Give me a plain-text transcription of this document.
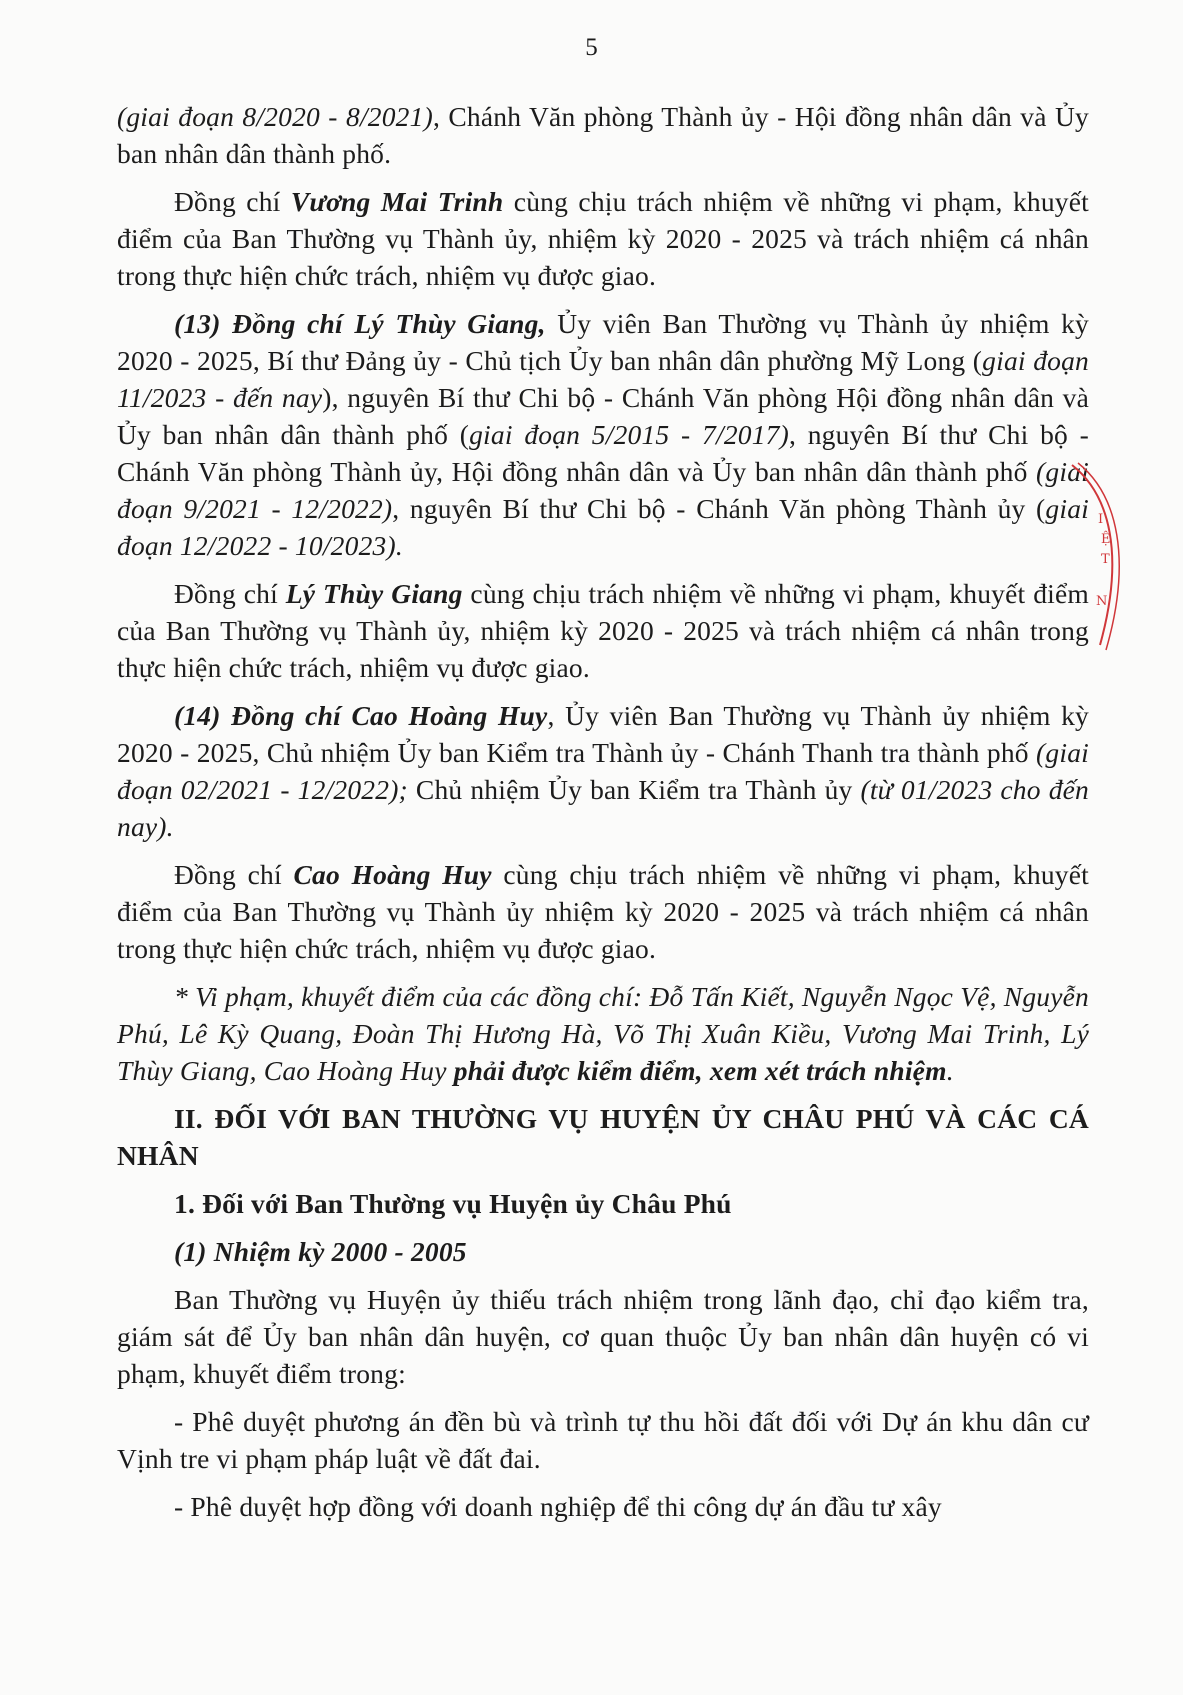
5

(giai đoạn 8/2020 - 8/2021), Chánh Văn phòng Thành ủy - Hội đồng nhân dân và Ủy ban nhân dân thành phố.

Đồng chí Vương Mai Trinh cùng chịu trách nhiệm về những vi phạm, khuyết điểm của Ban Thường vụ Thành ủy, nhiệm kỳ 2020 - 2025 và trách nhiệm cá nhân trong thực hiện chức trách, nhiệm vụ được giao.

(13) Đồng chí Lý Thùy Giang, Ủy viên Ban Thường vụ Thành ủy nhiệm kỳ 2020 - 2025, Bí thư Đảng ủy - Chủ tịch Ủy ban nhân dân phường Mỹ Long (giai đoạn 11/2023 - đến nay), nguyên Bí thư Chi bộ - Chánh Văn phòng Hội đồng nhân dân và Ủy ban nhân dân thành phố (giai đoạn 5/2015 - 7/2017), nguyên Bí thư Chi bộ - Chánh Văn phòng Thành ủy, Hội đồng nhân dân và Ủy ban nhân dân thành phố (giai đoạn 9/2021 - 12/2022), nguyên Bí thư Chi bộ - Chánh Văn phòng Thành ủy (giai đoạn 12/2022 - 10/2023).

Đồng chí Lý Thùy Giang cùng chịu trách nhiệm về những vi phạm, khuyết điểm của Ban Thường vụ Thành ủy, nhiệm kỳ 2020 - 2025 và trách nhiệm cá nhân trong thực hiện chức trách, nhiệm vụ được giao.

(14) Đồng chí Cao Hoàng Huy, Ủy viên Ban Thường vụ Thành ủy nhiệm kỳ 2020 - 2025, Chủ nhiệm Ủy ban Kiểm tra Thành ủy - Chánh Thanh tra thành phố (giai đoạn 02/2021 - 12/2022); Chủ nhiệm Ủy ban Kiểm tra Thành ủy (từ 01/2023 cho đến nay).

Đồng chí Cao Hoàng Huy cùng chịu trách nhiệm về những vi phạm, khuyết điểm của Ban Thường vụ Thành ủy nhiệm kỳ 2020 - 2025 và trách nhiệm cá nhân trong thực hiện chức trách, nhiệm vụ được giao.

* Vi phạm, khuyết điểm của các đồng chí: Đỗ Tấn Kiết, Nguyễn Ngọc Vệ, Nguyễn Phú, Lê Kỳ Quang, Đoàn Thị Hương Hà, Võ Thị Xuân Kiều, Vương Mai Trinh, Lý Thùy Giang, Cao Hoàng Huy phải được kiểm điểm, xem xét trách nhiệm.

II. ĐỐI VỚI BAN THƯỜNG VỤ HUYỆN ỦY CHÂU PHÚ VÀ CÁC CÁ NHÂN

1. Đối với Ban Thường vụ Huyện ủy Châu Phú

(1) Nhiệm kỳ 2000 - 2005

Ban Thường vụ Huyện ủy thiếu trách nhiệm trong lãnh đạo, chỉ đạo kiểm tra, giám sát để Ủy ban nhân dân huyện, cơ quan thuộc Ủy ban nhân dân huyện có vi phạm, khuyết điểm trong:

- Phê duyệt phương án đền bù và trình tự thu hồi đất đối với Dự án khu dân cư Vịnh tre vi phạm pháp luật về đất đai.

- Phê duyệt hợp đồng với doanh nghiệp để thi công dự án đầu tư xây

I
Ệ
T
N
